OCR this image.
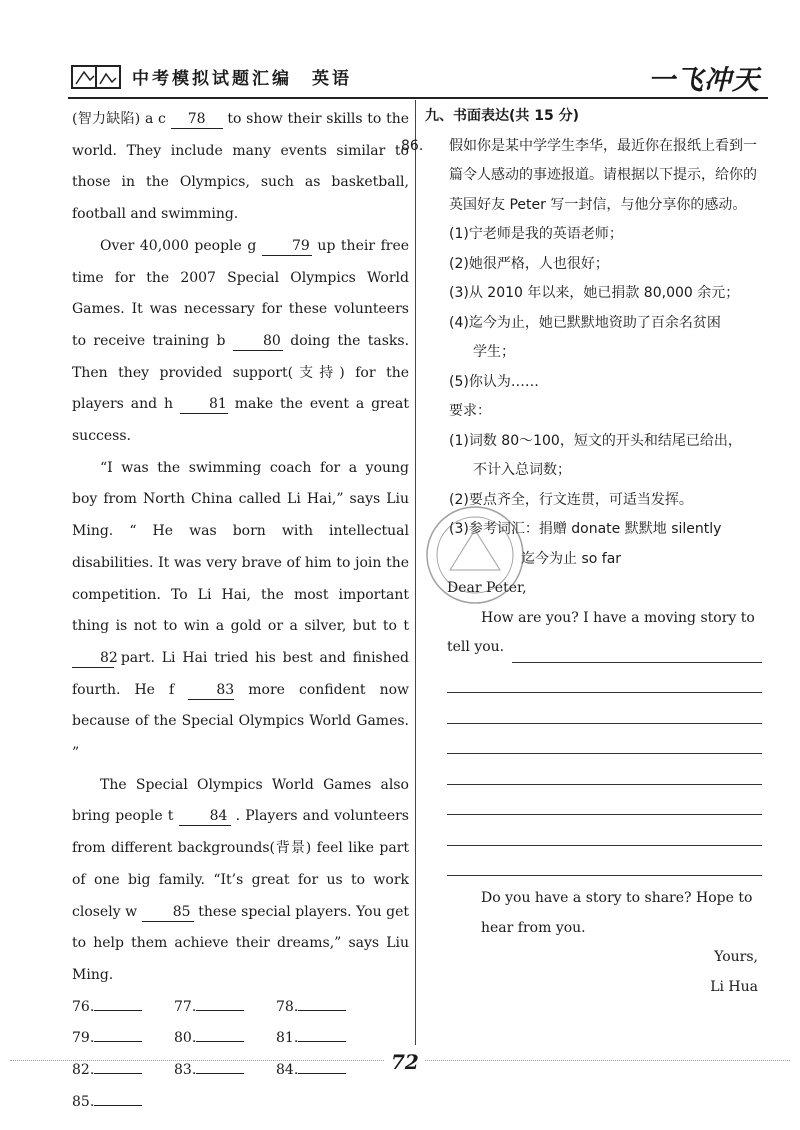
中考模拟试题汇编　英语	一飞冲天

(智力缺陷) a c 78 to show their skills to the world. They include many events similar to those in the Olympics, such as basketball, football and swimming.

Over 40,000 people g	79 up their free time for the 2007 Special Olympics World Games. It was necessary for these volunteers to receive training b	80 doing the tasks. Then they provided support(支持) for the players and h	81 make the event a great success.

“I was the swimming coach for a young boy from North China called Li Hai,” says Liu Ming. “ He was born with intellectual disabilities. It was very brave of him to join the competition. To Li Hai, the most important thing is not to win a gold or a silver, but to t 82 part. Li Hai tried his best and finished fourth. He f	83 more confident now because of the Special Olympics World Games. ”

The Special Olympics World Games also bring people t	84 . Players and volunteers from different backgrounds(背景) feel like part of one big family. “It’s great for us to work closely w	85 these special players. You get to help them achieve their dreams,” says Liu Ming.

76.	77.	78.
79.	80.	81.
82.	83.	84.
85.

九、书面表达(共 15 分)

86. 假如你是某中学学生李华，最近你在报纸上看到一篇令人感动的事迹报道。请根据以下提示，给你的英国好友 Peter 写一封信，与他分享你的感动。

(1)宁老师是我的英语老师；

(2)她很严格，人也很好；

(3)从 2010 年以来，她已捐款 80,000 余元；

(4)迄今为止，她已默默地资助了百余名贫困

学生；

(5)你认为……

要求：

(1)词数 80～100，短文的开头和结尾已给出，

不计入总词数；

(2)要点齐全，行文连贯，可适当发挥。

(3)参考词汇：捐赠 donate 默默地 silently

迄今为止 so far

Dear Peter,

How are you? I have a moving story to

tell you.

Do you have a story to share? Hope to hear from you.

Yours,

Li Hua

72
